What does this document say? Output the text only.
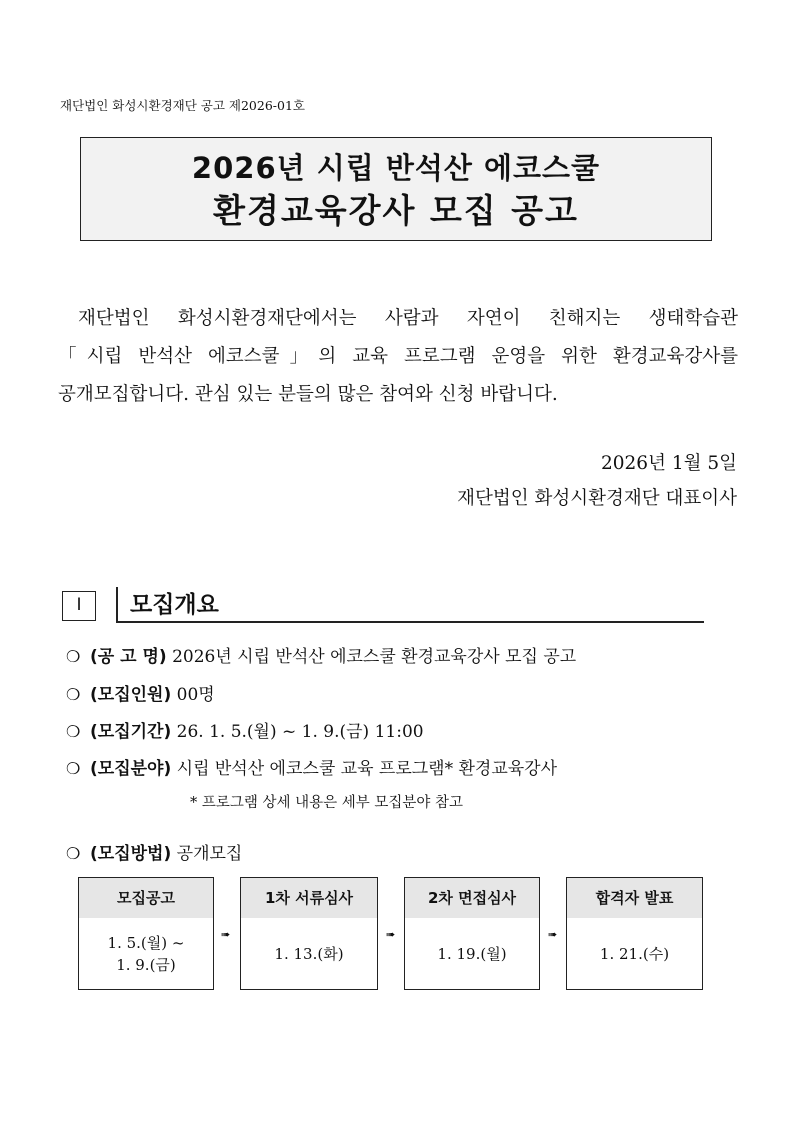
재단법인 화성시환경재단 공고 제2026-01호
2026년 시립 반석산 에코스쿨
환경교육강사 모집 공고
재단법인 화성시환경재단에서는 사람과 자연이 친해지는 생태학습관
「시립 반석산 에코스쿨」의 교육 프로그램 운영을 위한 환경교육강사를
공개모집합니다. 관심 있는 분들의 많은 참여와 신청 바랍니다.
2026년 1월 5일
재단법인 화성시환경재단 대표이사
Ⅰ	모집개요
❍ (공 고 명) 2026년 시립 반석산 에코스쿨 환경교육강사 모집 공고
❍ (모집인원) 00명
❍ (모집기간) 26. 1. 5.(월) ~ 1. 9.(금) 11:00
❍ (모집분야) 시립 반석산 에코스쿨 교육 프로그램* 환경교육강사
* 프로그램 상세 내용은 세부 모집분야 참고
❍ (모집방법) 공개모집
모집공고
1. 5.(월) ~
1. 9.(금)
➠
1차 서류심사
1. 13.(화)
➠
2차 면접심사
1. 19.(월)
➠
합격자 발표
1. 21.(수)
